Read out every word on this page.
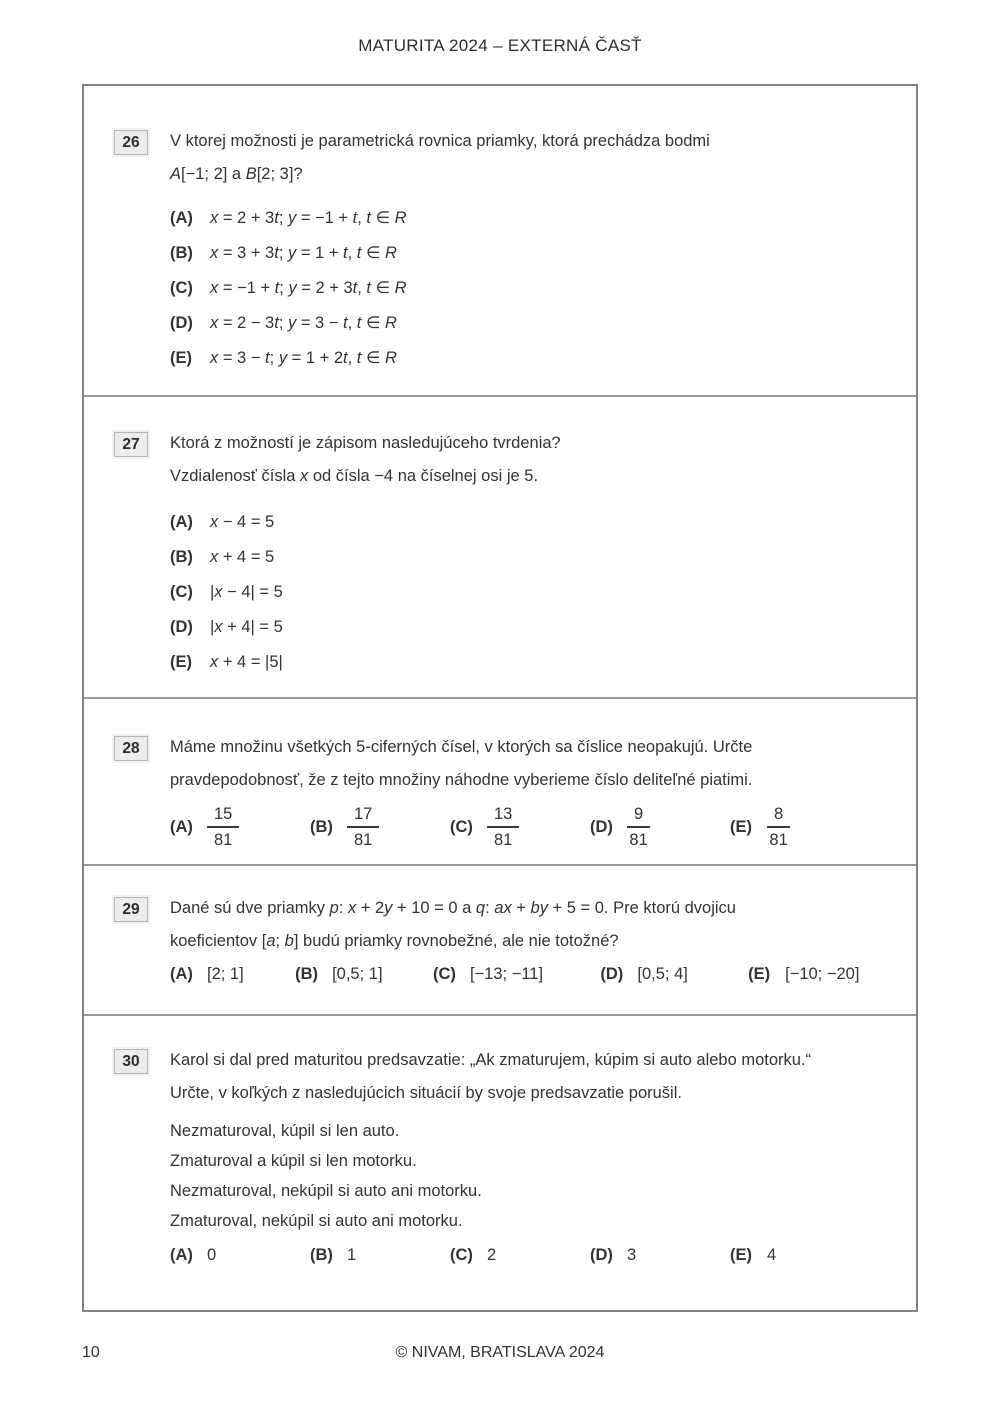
MATURITA 2024 – EXTERNÁ ČASŤ
26	V ktorej možnosti je parametrická rovnica priamky, ktorá prechádza bodmi

A[−1; 2] a B[2; 3]?

(A)	x = 2 + 3t; y = −1 + t, t ∈ R
(B)	x = 3 + 3t; y = 1 + t, t ∈ R
(C)	x = −1 + t; y = 2 + 3t, t ∈ R
(D)	x = 2 − 3t; y = 3 − t, t ∈ R
(E)	x = 3 − t; y = 1 + 2t, t ∈ R
27	Ktorá z možností je zápisom nasledujúceho tvrdenia?

Vzdialenosť čísla x od čísla −4 na číselnej osi je 5.

(A)	x − 4 = 5
(B)	x + 4 = 5
(C)	|x − 4| = 5
(D)	|x + 4| = 5
(E)	x + 4 = |5|
28	Máme množinu všetkých 5-ciferných čísel, v ktorých sa číslice neopakujú. Určte

pravdepodobnosť, že z tejto množiny náhodne vyberieme číslo deliteľné piatimi.

$(A) \frac{15}{81}$	$(B) \frac{17}{81}$	$(C) \frac{13}{81}$	$(D) \frac{9}{81}$	$(E) \frac{8}{81}$
29	Dané sú dve priamky p: x + 2y + 10 = 0 a q: ax + by + 5 = 0. Pre ktorú dvojicu

koeficientov [a; b] budú priamky rovnobežné, ale nie totožné?

(A) [2; 1]	(B) [0,5; 1]	(C) [−13; −11]	(D) [0,5; 4]	(E) [−10; −20]
30	Karol si dal pred maturitou predsavzatie: „Ak zmaturujem, kúpim si auto alebo motorku.“

Určte, v koľkých z nasledujúcich situácií by svoje predsavzatie porušil.

Nezmaturoval, kúpil si len auto.

Zmaturoval a kúpil si len motorku.

Nezmaturoval, nekúpil si auto ani motorku.

Zmaturoval, nekúpil si auto ani motorku.

(A) 0	(B) 1	(C) 2	(D) 3	(E) 4
10	© NIVAM, BRATISLAVA 2024
